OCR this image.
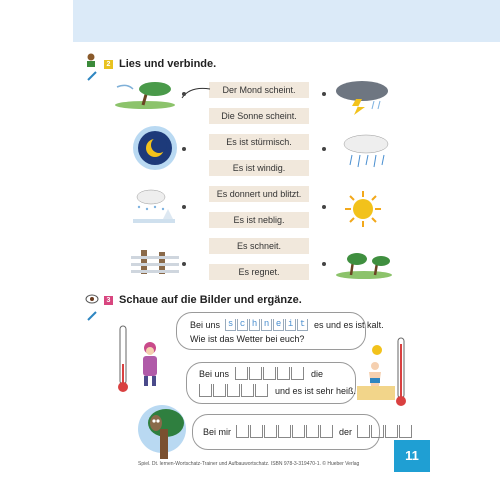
2 Lies und verbinde.
Der Mond scheint.
Die Sonne scheint.
Es ist stürmisch.
Es ist windig.
Es donnert und blitzt.
Es ist neblig.
Es schneit.
Es regnet.
3 Schaue auf die Bilder und ergänze.
Bei uns s c h n e i t es und es ist kalt.
Wie ist das Wetter bei euch?
Bei uns	die
und es ist sehr heiß.
Bei mir	der
Spiel. Dt. lernen-Wortschatz-Trainer und Aufbauwortschatz. ISBN 978-3-319470-1. © Hueber Verlag
11
